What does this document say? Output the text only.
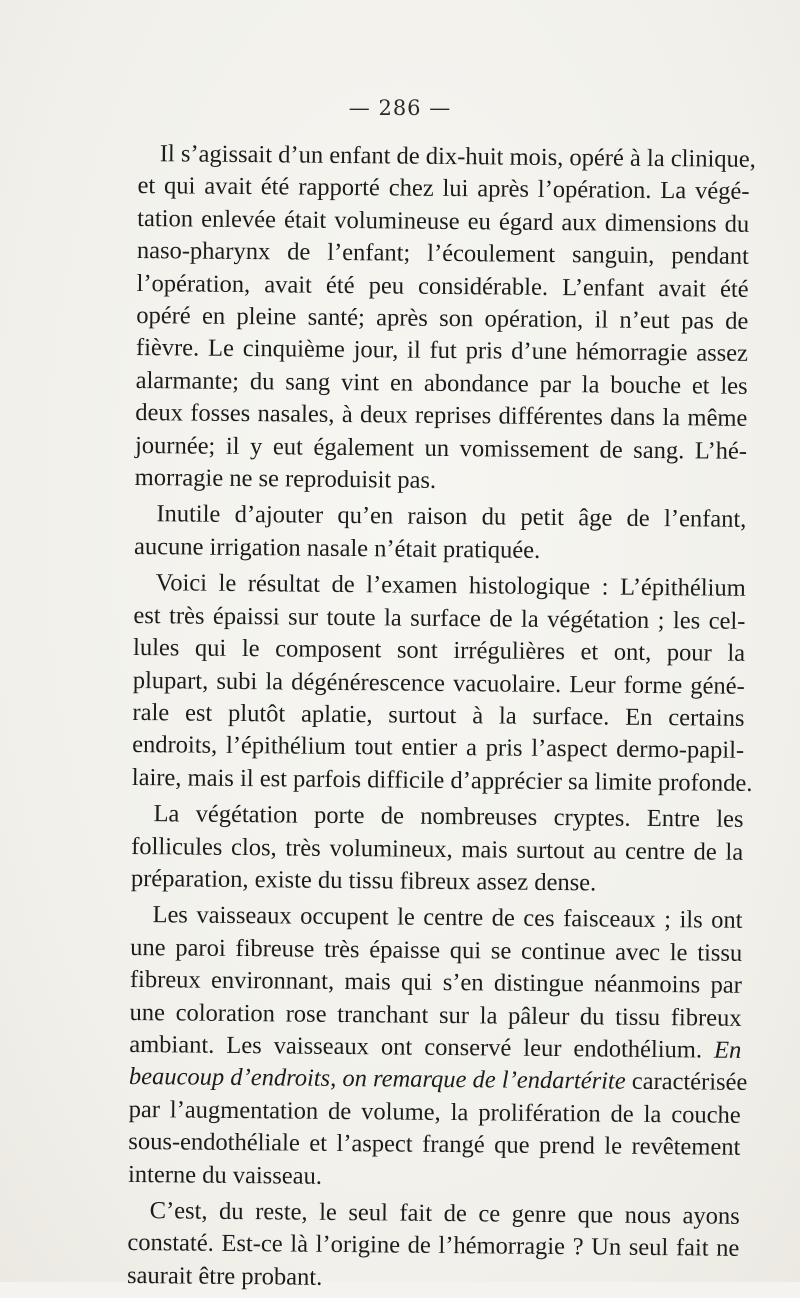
— 286 —

Il s’agissait d’un enfant de dix-huit mois, opéré à la clinique,
et qui avait été rapporté chez lui après l’opération. La végé-
tation enlevée était volumineuse eu égard aux dimensions du
naso-pharynx de l’enfant; l’écoulement sanguin, pendant
l’opération, avait été peu considérable. L’enfant avait été
opéré en pleine santé; après son opération, il n’eut pas de
fièvre. Le cinquième jour, il fut pris d’une hémorragie assez
alarmante; du sang vint en abondance par la bouche et les
deux fosses nasales, à deux reprises différentes dans la même
journée; il y eut également un vomissement de sang. L’hé-
morragie ne se reproduisit pas.

Inutile d’ajouter qu’en raison du petit âge de l’enfant,
aucune irrigation nasale n’était pratiquée.

Voici le résultat de l’examen histologique : L’épithélium
est très épaissi sur toute la surface de la végétation ; les cel-
lules qui le composent sont irrégulières et ont, pour la
plupart, subi la dégénérescence vacuolaire. Leur forme géné-
rale est plutôt aplatie, surtout à la surface. En certains
endroits, l’épithélium tout entier a pris l’aspect dermo-papil-
laire, mais il est parfois difficile d’apprécier sa limite profonde.

La végétation porte de nombreuses cryptes. Entre les
follicules clos, très volumineux, mais surtout au centre de la
préparation, existe du tissu fibreux assez dense.

Les vaisseaux occupent le centre de ces faisceaux ; ils ont
une paroi fibreuse très épaisse qui se continue avec le tissu
fibreux environnant, mais qui s’en distingue néanmoins par
une coloration rose tranchant sur la pâleur du tissu fibreux
ambiant. Les vaisseaux ont conservé leur endothélium. En
beaucoup d’endroits, on remarque de l’endartérite caractérisée
par l’augmentation de volume, la prolifération de la couche
sous-endothéliale et l’aspect frangé que prend le revêtement
interne du vaisseau.

C’est, du reste, le seul fait de ce genre que nous ayons
constaté. Est-ce là l’origine de l’hémorragie ? Un seul fait ne
saurait être probant.
